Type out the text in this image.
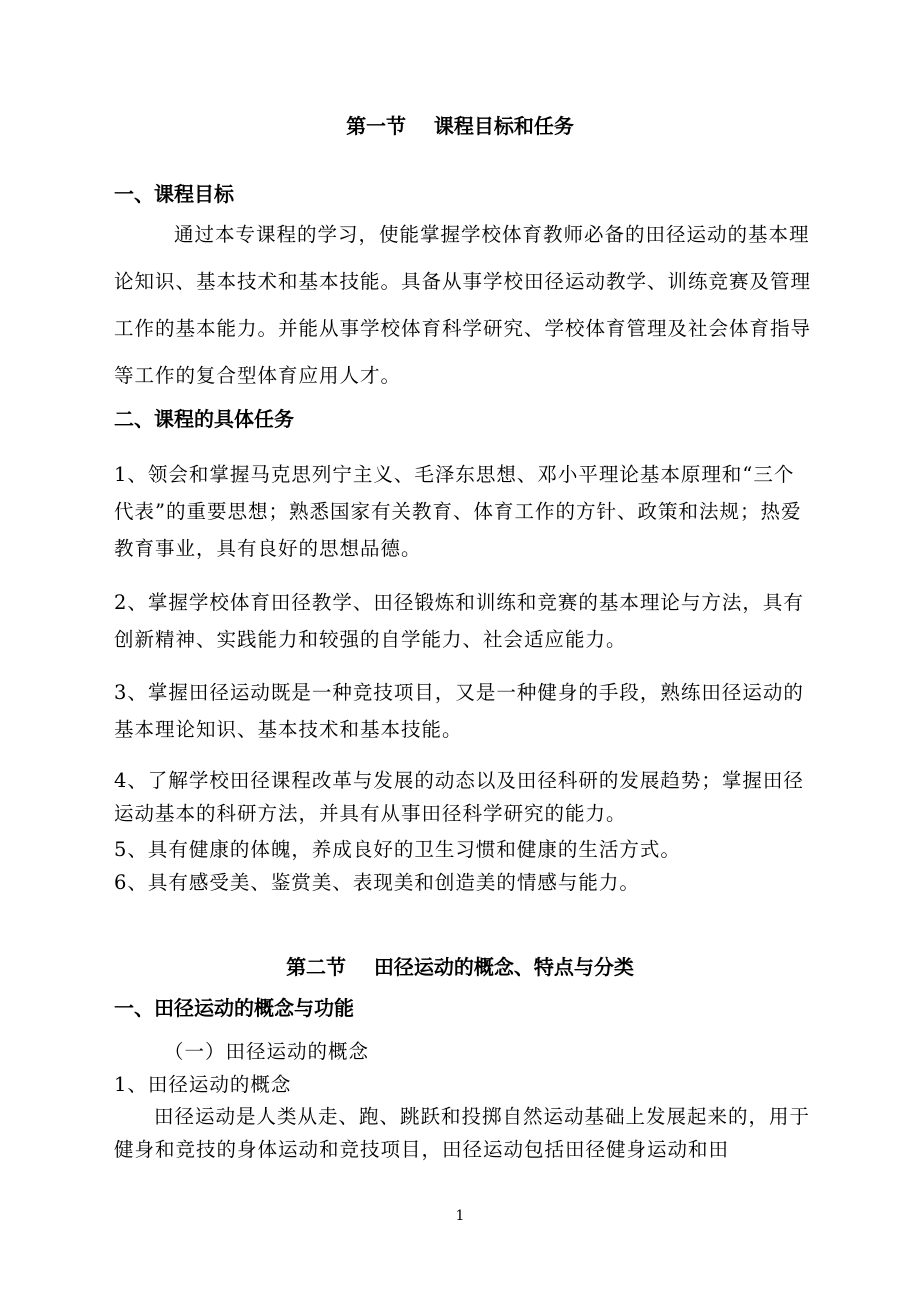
第一节    课程目标和任务
一、课程目标

通过本专课程的学习，使能掌握学校体育教师必备的田径运动的基本理论知识、基本技术和基本技能。具备从事学校田径运动教学、训练竞赛及管理工作的基本能力。并能从事学校体育科学研究、学校体育管理及社会体育指导等工作的复合型体育应用人才。

二、课程的具体任务

1、领会和掌握马克思列宁主义、毛泽东思想、邓小平理论基本原理和“三个代表”的重要思想；熟悉国家有关教育、体育工作的方针、政策和法规；热爱教育事业，具有良好的思想品德。

2、掌握学校体育田径教学、田径锻炼和训练和竞赛的基本理论与方法，具有创新精神、实践能力和较强的自学能力、社会适应能力。

3、掌握田径运动既是一种竞技项目，又是一种健身的手段，熟练田径运动的基本理论知识、基本技术和基本技能。

4、了解学校田径课程改革与发展的动态以及田径科研的发展趋势；掌握田径运动基本的科研方法，并具有从事田径科学研究的能力。

5、具有健康的体魄，养成良好的卫生习惯和健康的生活方式。

6、具有感受美、鉴赏美、表现美和创造美的情感与能力。

第二节    田径运动的概念、特点与分类
一、田径运动的概念与功能

（一）田径运动的概念

1、田径运动的概念

田径运动是人类从走、跑、跳跃和投掷自然运动基础上发展起来的，用于健身和竞技的身体运动和竞技项目，田径运动包括田径健身运动和田

1
